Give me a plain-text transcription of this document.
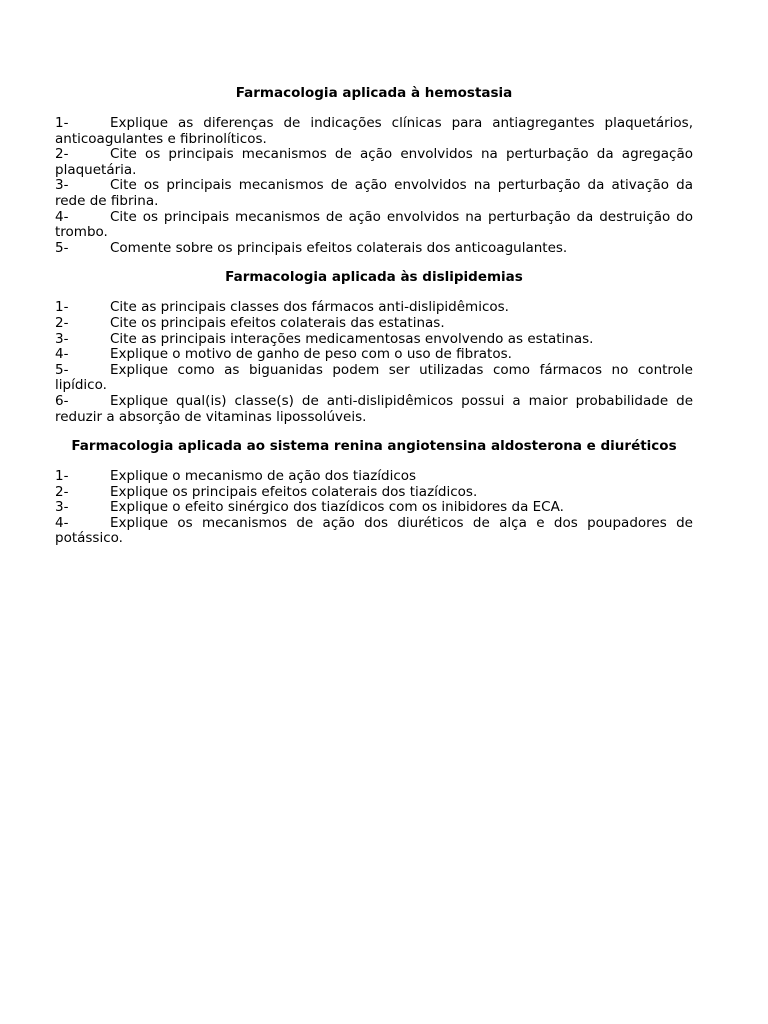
Farmacologia aplicada à hemostasia
1-	Explique as diferenças de indicações clínicas para antiagregantes plaquetários, anticoagulantes e fibrinolíticos.
2-	Cite os principais mecanismos de ação envolvidos na perturbação da agregação plaquetária.
3-	Cite os principais mecanismos de ação envolvidos na perturbação da ativação da rede de fibrina.
4-	Cite os principais mecanismos de ação envolvidos na perturbação da destruição do trombo.
5-	Comente sobre os principais efeitos colaterais dos anticoagulantes.
Farmacologia aplicada às dislipidemias
1-	Cite as principais classes dos fármacos anti-dislipidêmicos.
2-	Cite os principais efeitos colaterais das estatinas.
3-	Cite as principais interações medicamentosas envolvendo as estatinas.
4-	Explique o motivo de ganho de peso com o uso de fibratos.
5-	Explique como as biguanidas podem ser utilizadas como fármacos no controle lipídico.
6-	Explique qual(is) classe(s) de anti-dislipidêmicos possui a maior probabilidade de reduzir a absorção de vitaminas lipossolúveis.
Farmacologia aplicada ao sistema renina angiotensina aldosterona e diuréticos
1-	Explique o mecanismo de ação dos tiazídicos
2-	Explique os principais efeitos colaterais dos tiazídicos.
3-	Explique o efeito sinérgico dos tiazídicos com os inibidores da ECA.
4-	Explique os mecanismos de ação dos diuréticos de alça e dos poupadores de potássico.
